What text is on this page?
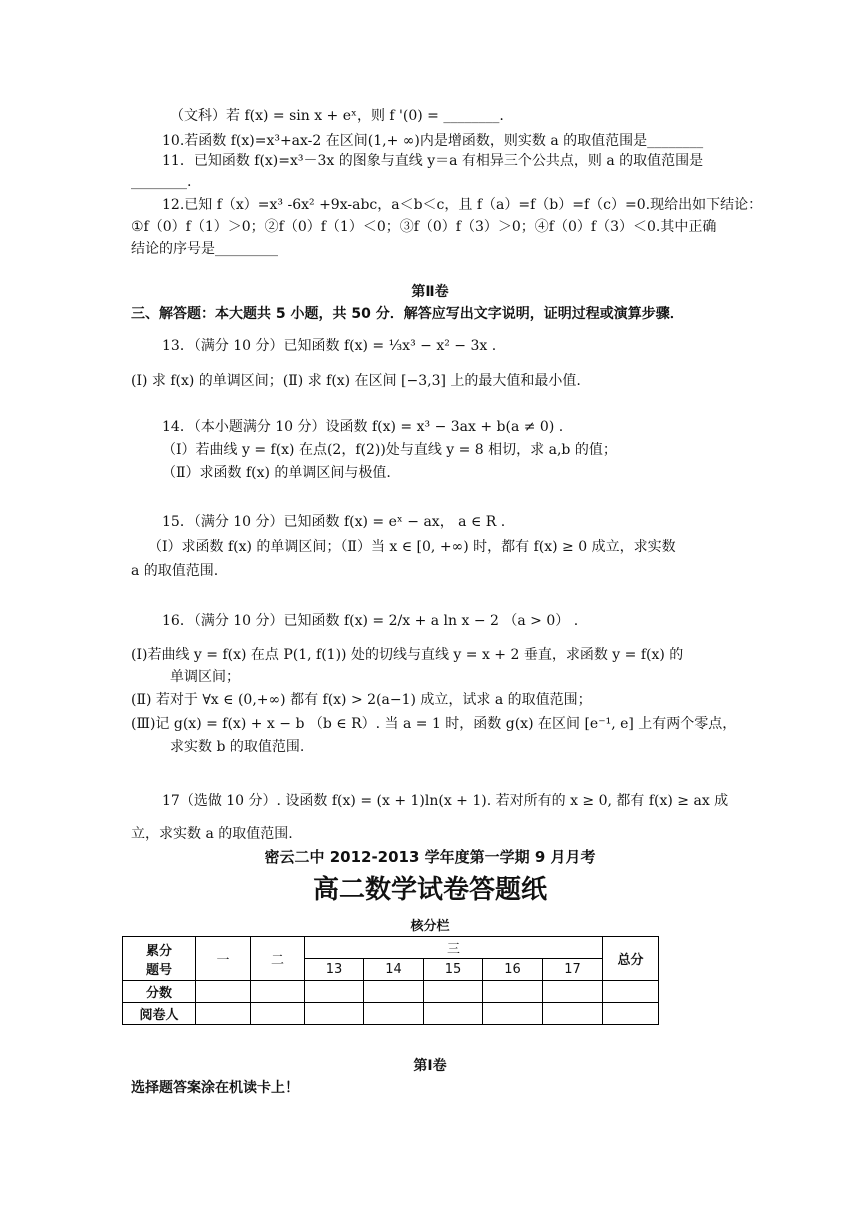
（文科）若 f(x) = sin x + eˣ，则 f '(0) = ________.
10.若函数 f(x)=x³+ax-2 在区间(1,+ ∞)内是增函数，则实数 a 的取值范围是________
11．已知函数 f(x)=x³－3x 的图象与直线 y＝a 有相异三个公共点，则 a 的取值范围是
________.
12.已知 f（x）=x³ -6x² +9x-abc，a＜b＜c，且 f（a）=f（b）=f（c）=0.现给出如下结论：
①f（0）f（1）＞0；②f（0）f（1）＜0；③f（0）f（3）＞0；④f（0）f（3）＜0.其中正确
结论的序号是_________
第Ⅱ卷
三、解答题：本大题共 5 小题，共 50 分．解答应写出文字说明，证明过程或演算步骤．
13．（满分 10 分）已知函数 f(x) = ⅓x³ − x² − 3x .
(Ⅰ) 求 f(x) 的单调区间；(Ⅱ) 求 f(x) 在区间 [−3,3] 上的最大值和最小值.
14．（本小题满分 10 分）设函数 f(x) = x³ − 3ax + b(a ≠ 0) .
（Ⅰ）若曲线 y = f(x) 在点(2，f(2))处与直线 y = 8 相切，求 a,b 的值；
（Ⅱ）求函数 f(x) 的单调区间与极值.
15．（满分 10 分）已知函数 f(x) = eˣ − ax， a ∈ R .
（Ⅰ）求函数 f(x) 的单调区间；（Ⅱ）当 x ∈ [0, +∞) 时，都有 f(x) ≥ 0 成立，求实数
a 的取值范围.
16．（满分 10 分）已知函数 f(x) = 2/x + a ln x − 2 （a > 0） .
(Ⅰ)若曲线 y = f(x) 在点 P(1, f(1)) 处的切线与直线 y = x + 2 垂直，求函数 y = f(x) 的
单调区间；
(Ⅱ) 若对于 ∀x ∈ (0,+∞) 都有 f(x) > 2(a−1) 成立，试求 a 的取值范围；
(Ⅲ)记 g(x) = f(x) + x − b （b ∈ R）. 当 a = 1 时，函数 g(x) 在区间 [e⁻¹, e] 上有两个零点，
求实数 b 的取值范围.
17（选做 10 分）. 设函数 f(x) = (x + 1)ln(x + 1). 若对所有的 x ≥ 0, 都有 f(x) ≥ ax 成
立，求实数 a 的取值范围.
密云二中 2012-2013 学年度第一学期 9 月月考
高二数学试卷答题纸
核分栏
累分
题号	一	二	三					总分
			13	14	15	16	17	
分数								
阅卷人								
第Ⅰ卷
选择题答案涂在机读卡上！
